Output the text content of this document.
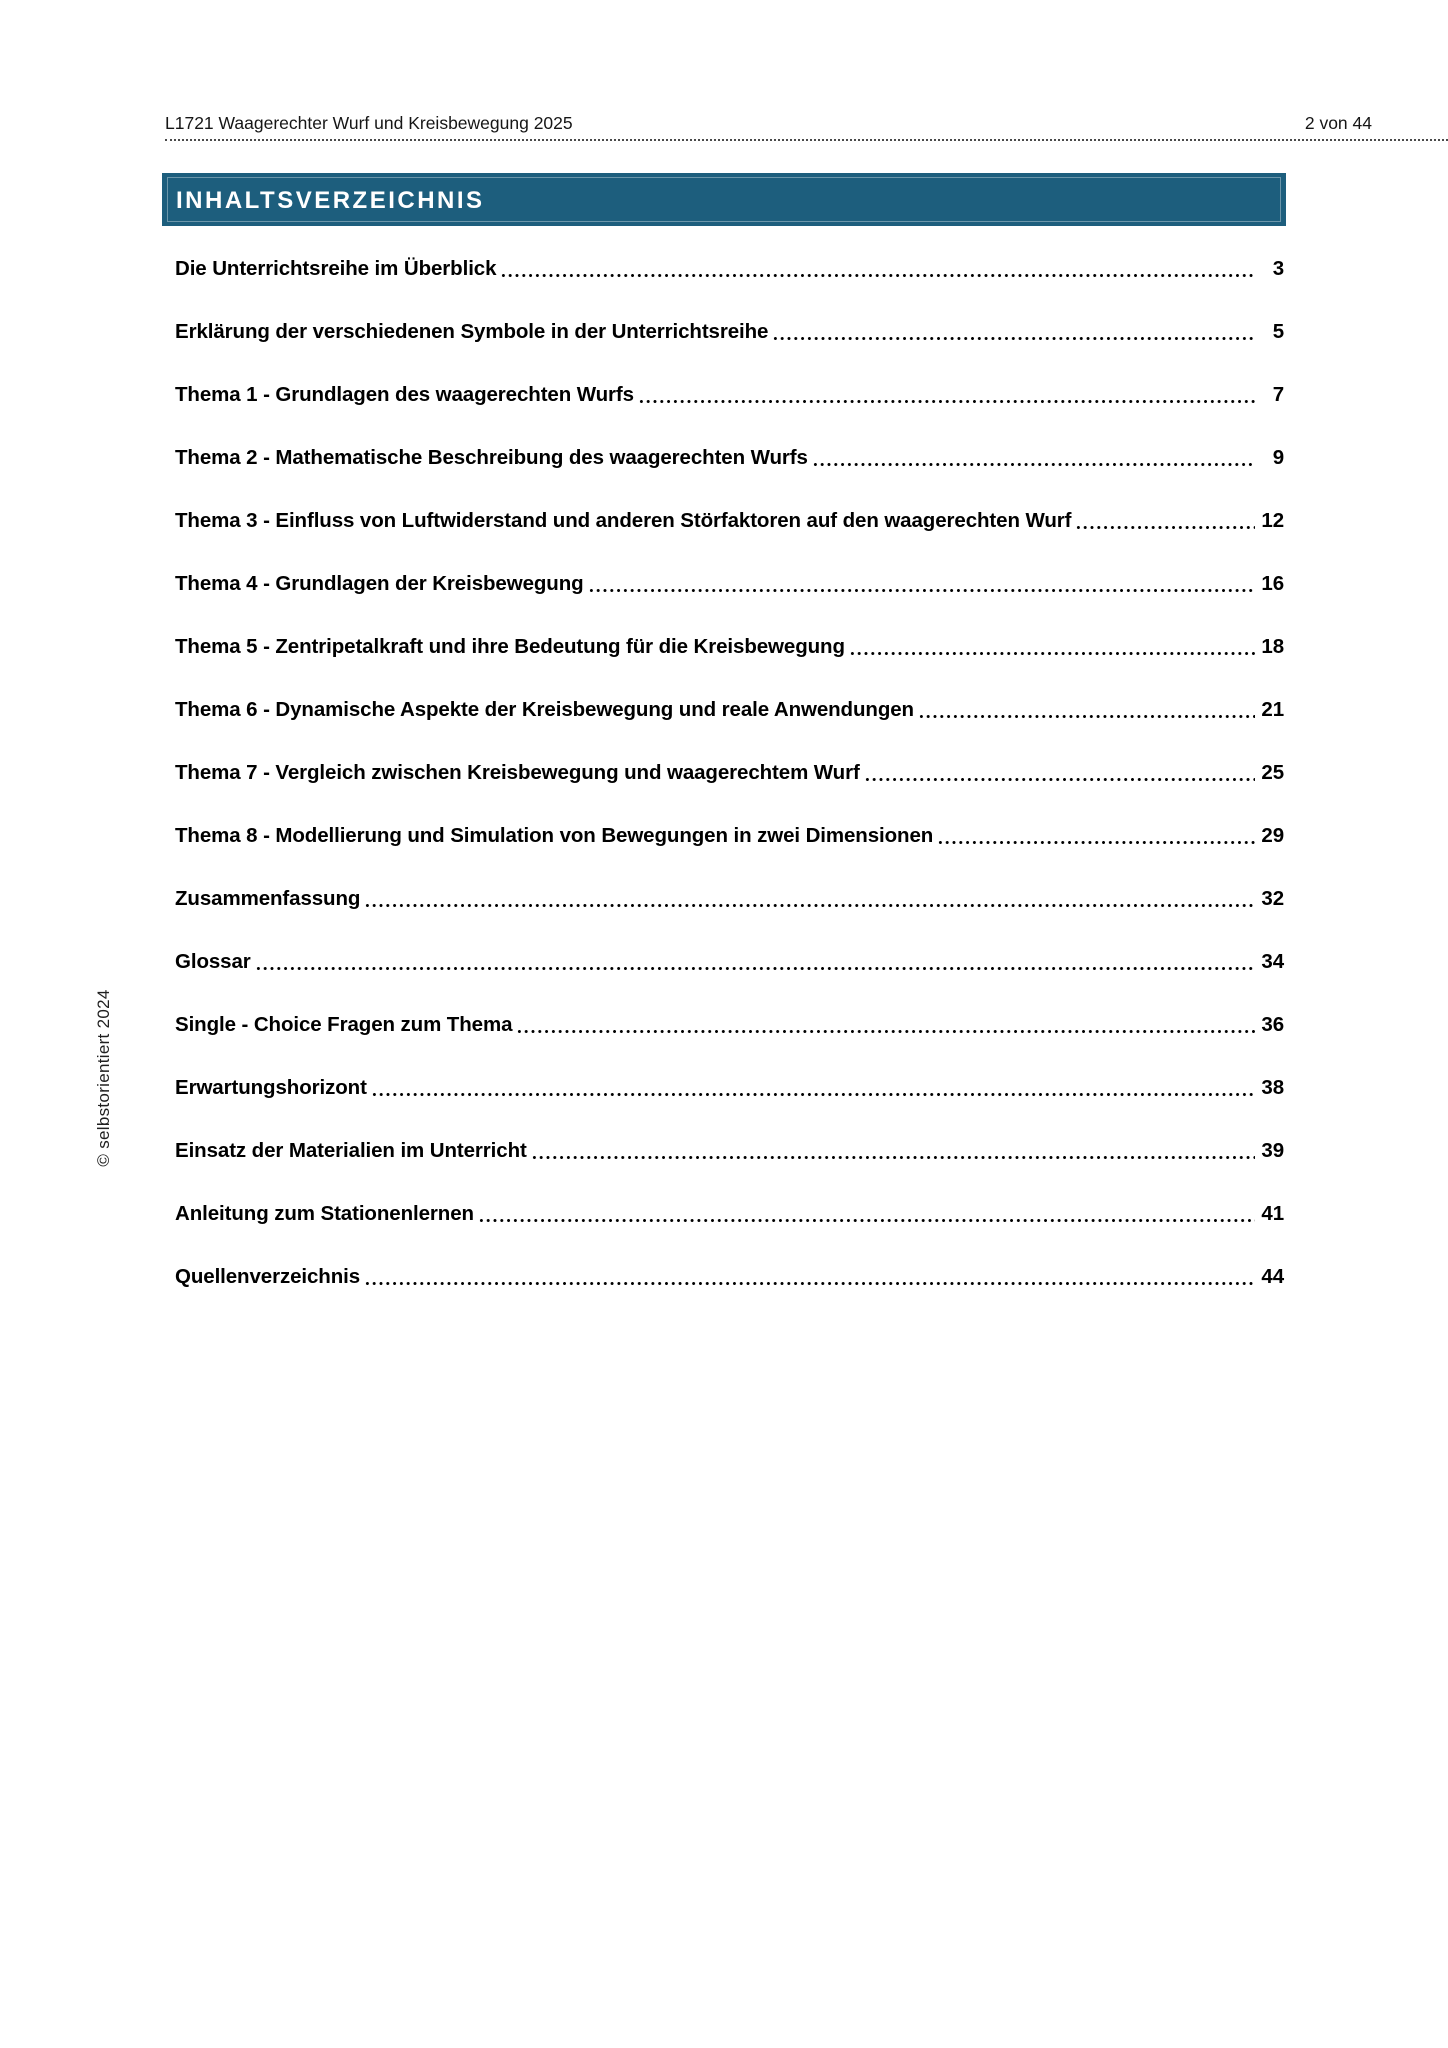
L1721 Waagerechter Wurf und Kreisbewegung 2025	2 von 44
© selbstorientiert 2024
INHALTSVERZEICHNIS
Die Unterrichtsreihe im Überblick	3
Erklärung der verschiedenen Symbole in der Unterrichtsreihe	5
Thema 1 - Grundlagen des waagerechten Wurfs	7
Thema 2 - Mathematische Beschreibung des waagerechten Wurfs	9
Thema 3 - Einfluss von Luftwiderstand und anderen Störfaktoren auf den waagerechten Wurf	12
Thema 4 - Grundlagen der Kreisbewegung	16
Thema 5 - Zentripetalkraft und ihre Bedeutung für die Kreisbewegung	18
Thema 6 - Dynamische Aspekte der Kreisbewegung und reale Anwendungen	21
Thema 7 - Vergleich zwischen Kreisbewegung und waagerechtem Wurf	25
Thema 8 - Modellierung und Simulation von Bewegungen in zwei Dimensionen	29
Zusammenfassung	32
Glossar	34
Single - Choice Fragen zum Thema	36
Erwartungshorizont	38
Einsatz der Materialien im Unterricht	39
Anleitung zum Stationenlernen	41
Quellenverzeichnis	44
